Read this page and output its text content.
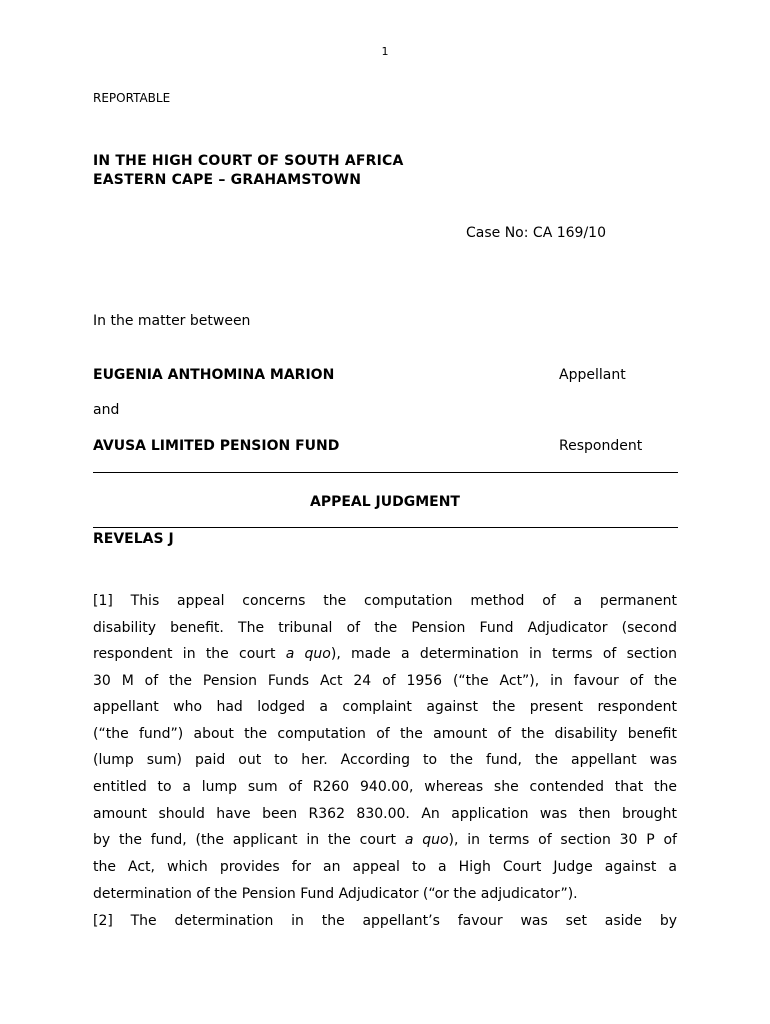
1
REPORTABLE
IN THE HIGH COURT OF SOUTH AFRICA
EASTERN CAPE – GRAHAMSTOWN
Case No: CA 169/10
In the matter between
EUGENIA ANTHOMINA MARION	Appellant
and
AVUSA LIMITED PENSION FUND	Respondent
APPEAL JUDGMENT
REVELAS J
[1] This appeal concerns the computation method of a permanent
disability benefit. The tribunal of the Pension Fund Adjudicator (second
respondent in the court a quo), made a determination in terms of section
30 M of the Pension Funds Act 24 of 1956 (“the Act”), in favour of the
appellant who had lodged a complaint against the present respondent
(“the fund”) about the computation of the amount of the disability benefit
(lump sum) paid out to her. According to the fund, the appellant was
entitled to a lump sum of R260 940.00, whereas she contended that the
amount should have been R362 830.00. An application was then brought
by the fund, (the applicant in the court a quo), in terms of section 30 P of
the Act, which provides for an appeal to a High Court Judge against a
determination of the Pension Fund Adjudicator (“or the adjudicator”).
[2] The determination in the appellant’s favour was set aside by
